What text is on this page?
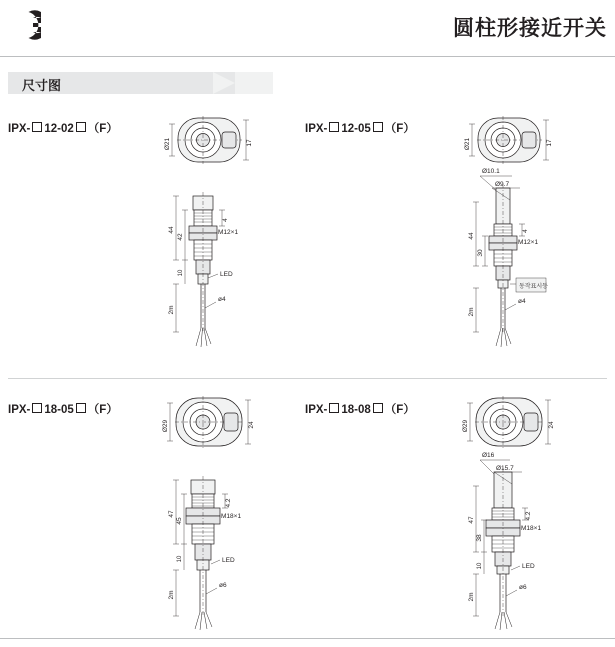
圆柱形接近开关
尺寸图
IPX- 12-02 （F）
Ø21	17
44
42
4
10
2m
ø4
M12×1
LED
IPX- 12-05 （F）
Ø21	17
Ø10.1
Ø9.7
44
30
4
2m
ø4
M12×1
동작표시등
IPX- 18-05 （F）
Ø29	24
47
45
4.2
10
2m
ø6
M18×1
LED
IPX- 18-08 （F）
Ø29	24
Ø16
Ø15.7
47
38
4.2
10
2m
ø6
M18×1
LED
